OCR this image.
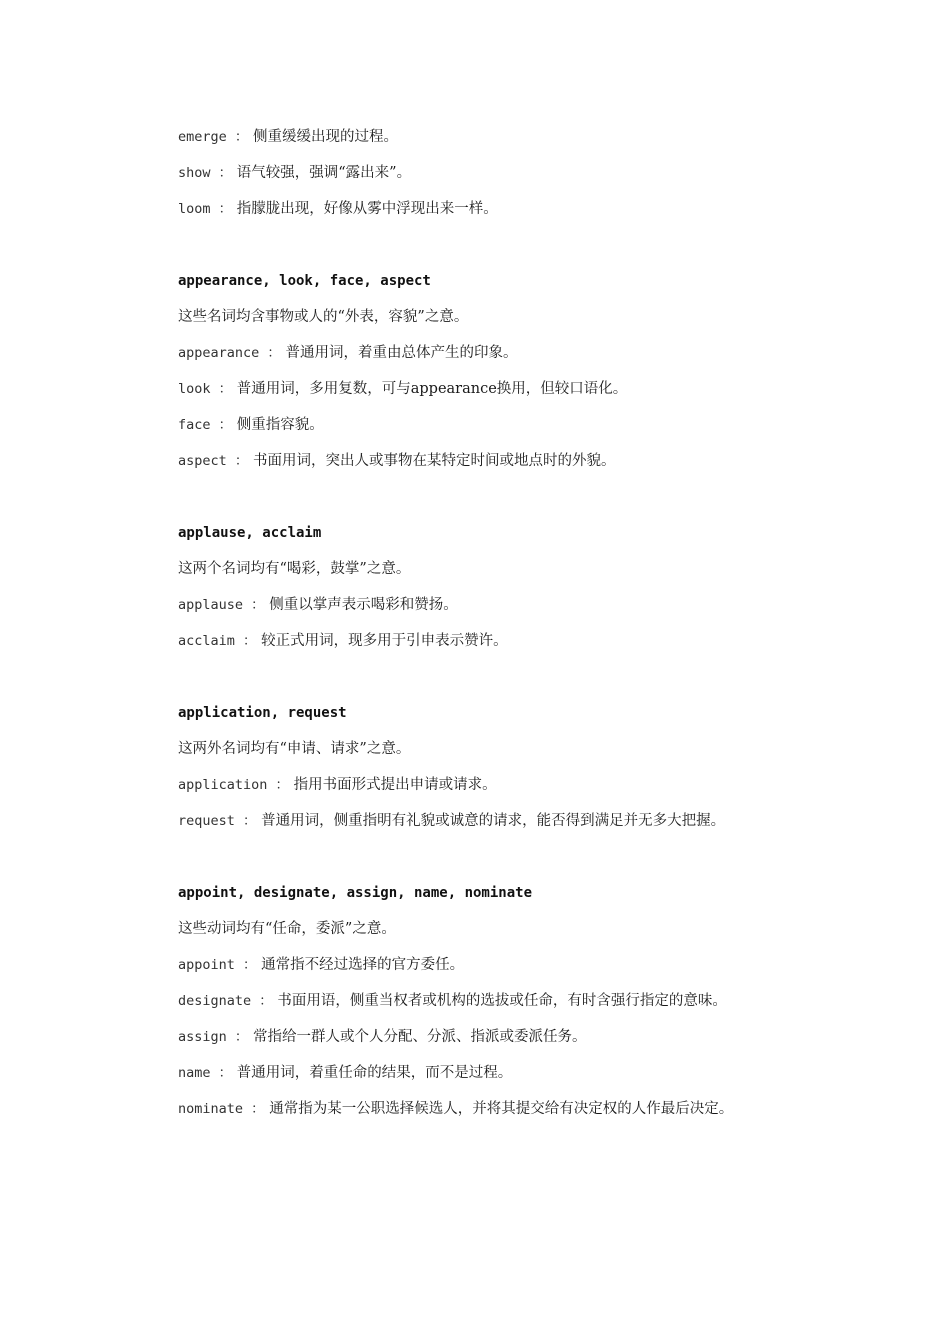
emerge ： 侧重缓缓出现的过程。
show ： 语气较强，强调“露出来”。
loom ： 指朦胧出现，好像从雾中浮现出来一样。
appearance, look, face, aspect
这些名词均含事物或人的“外表，容貌”之意。
appearance ： 普通用词，着重由总体产生的印象。
look ： 普通用词，多用复数，可与appearance换用，但较口语化。
face ： 侧重指容貌。
aspect ： 书面用词，突出人或事物在某特定时间或地点时的外貌。
applause, acclaim
这两个名词均有“喝彩，鼓掌”之意。
applause ： 侧重以掌声表示喝彩和赞扬。
acclaim ： 较正式用词，现多用于引申表示赞许。
application, request
这两外名词均有“申请、请求”之意。
application ： 指用书面形式提出申请或请求。
request ： 普通用词，侧重指明有礼貌或诚意的请求，能否得到满足并无多大把握。
appoint, designate, assign, name, nominate
这些动词均有“任命，委派”之意。
appoint ： 通常指不经过选择的官方委任。
designate ： 书面用语，侧重当权者或机构的选拔或任命，有时含强行指定的意味。
assign ： 常指给一群人或个人分配、分派、指派或委派任务。
name ： 普通用词，着重任命的结果，而不是过程。
nominate ： 通常指为某一公职选择候选人，并将其提交给有决定权的人作最后决定。
